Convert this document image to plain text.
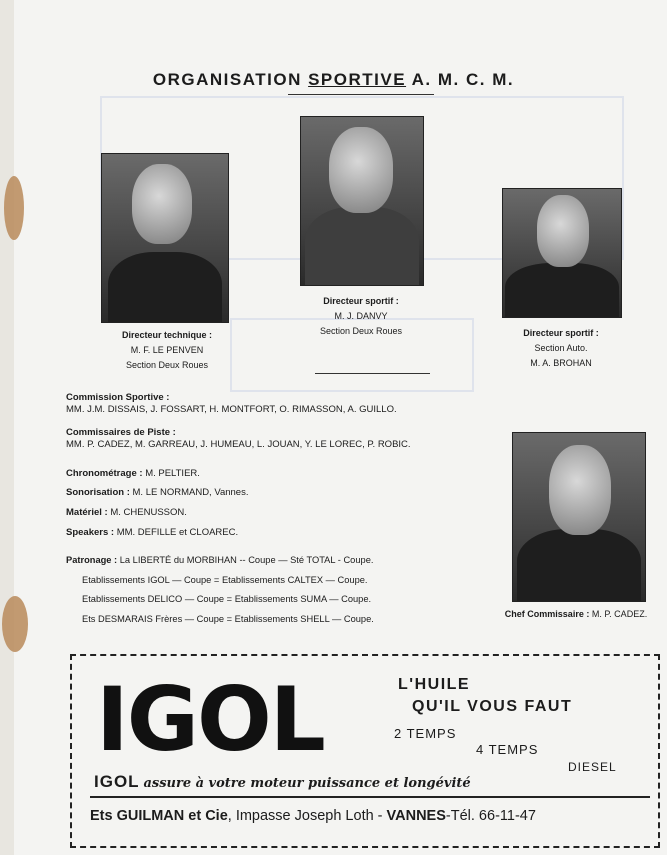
ORGANISATION SPORTIVE A. M. C. M.
Directeur technique :
M. F. LE PENVEN
Section Deux Roues
Directeur sportif :
M. J. DANVY
Section Deux Roues	Directeur sportif :
Section Auto.
M. A. BROHAN
Commission Sportive :
MM. J.M. DISSAIS, J. FOSSART, H. MONTFORT, O. RIMASSON, A. GUILLO.
Commissaires de Piste :
MM. P. CADEZ, M. GARREAU, J. HUMEAU, L. JOUAN, Y. LE LOREC, P. ROBIC.
Chronométrage : M. PELTIER.
Sonorisation : M. LE NORMAND, Vannes.
Matériel : M. CHENUSSON.
Speakers : MM. DEFILLE et CLOAREC.
Patronage : La LIBERTÉ du MORBIHAN -- Coupe — Sté TOTAL - Coupe.
Etablissements IGOL — Coupe = Etablissements CALTEX — Coupe.
Etablissements DELICO — Coupe = Etablissements SUMA — Coupe.
Ets DESMARAIS Frères — Coupe = Etablissements SHELL — Coupe.	Chef Commissaire : M. P. CADEZ.
IGOL	L'HUILE
QU'IL VOUS FAUT
2 TEMPS
4 TEMPS
DIESEL
IGOL assure à votre moteur puissance et longévité
Ets GUILMAN et Cie, Impasse Joseph Loth - VANNES-Tél. 66-11-47
